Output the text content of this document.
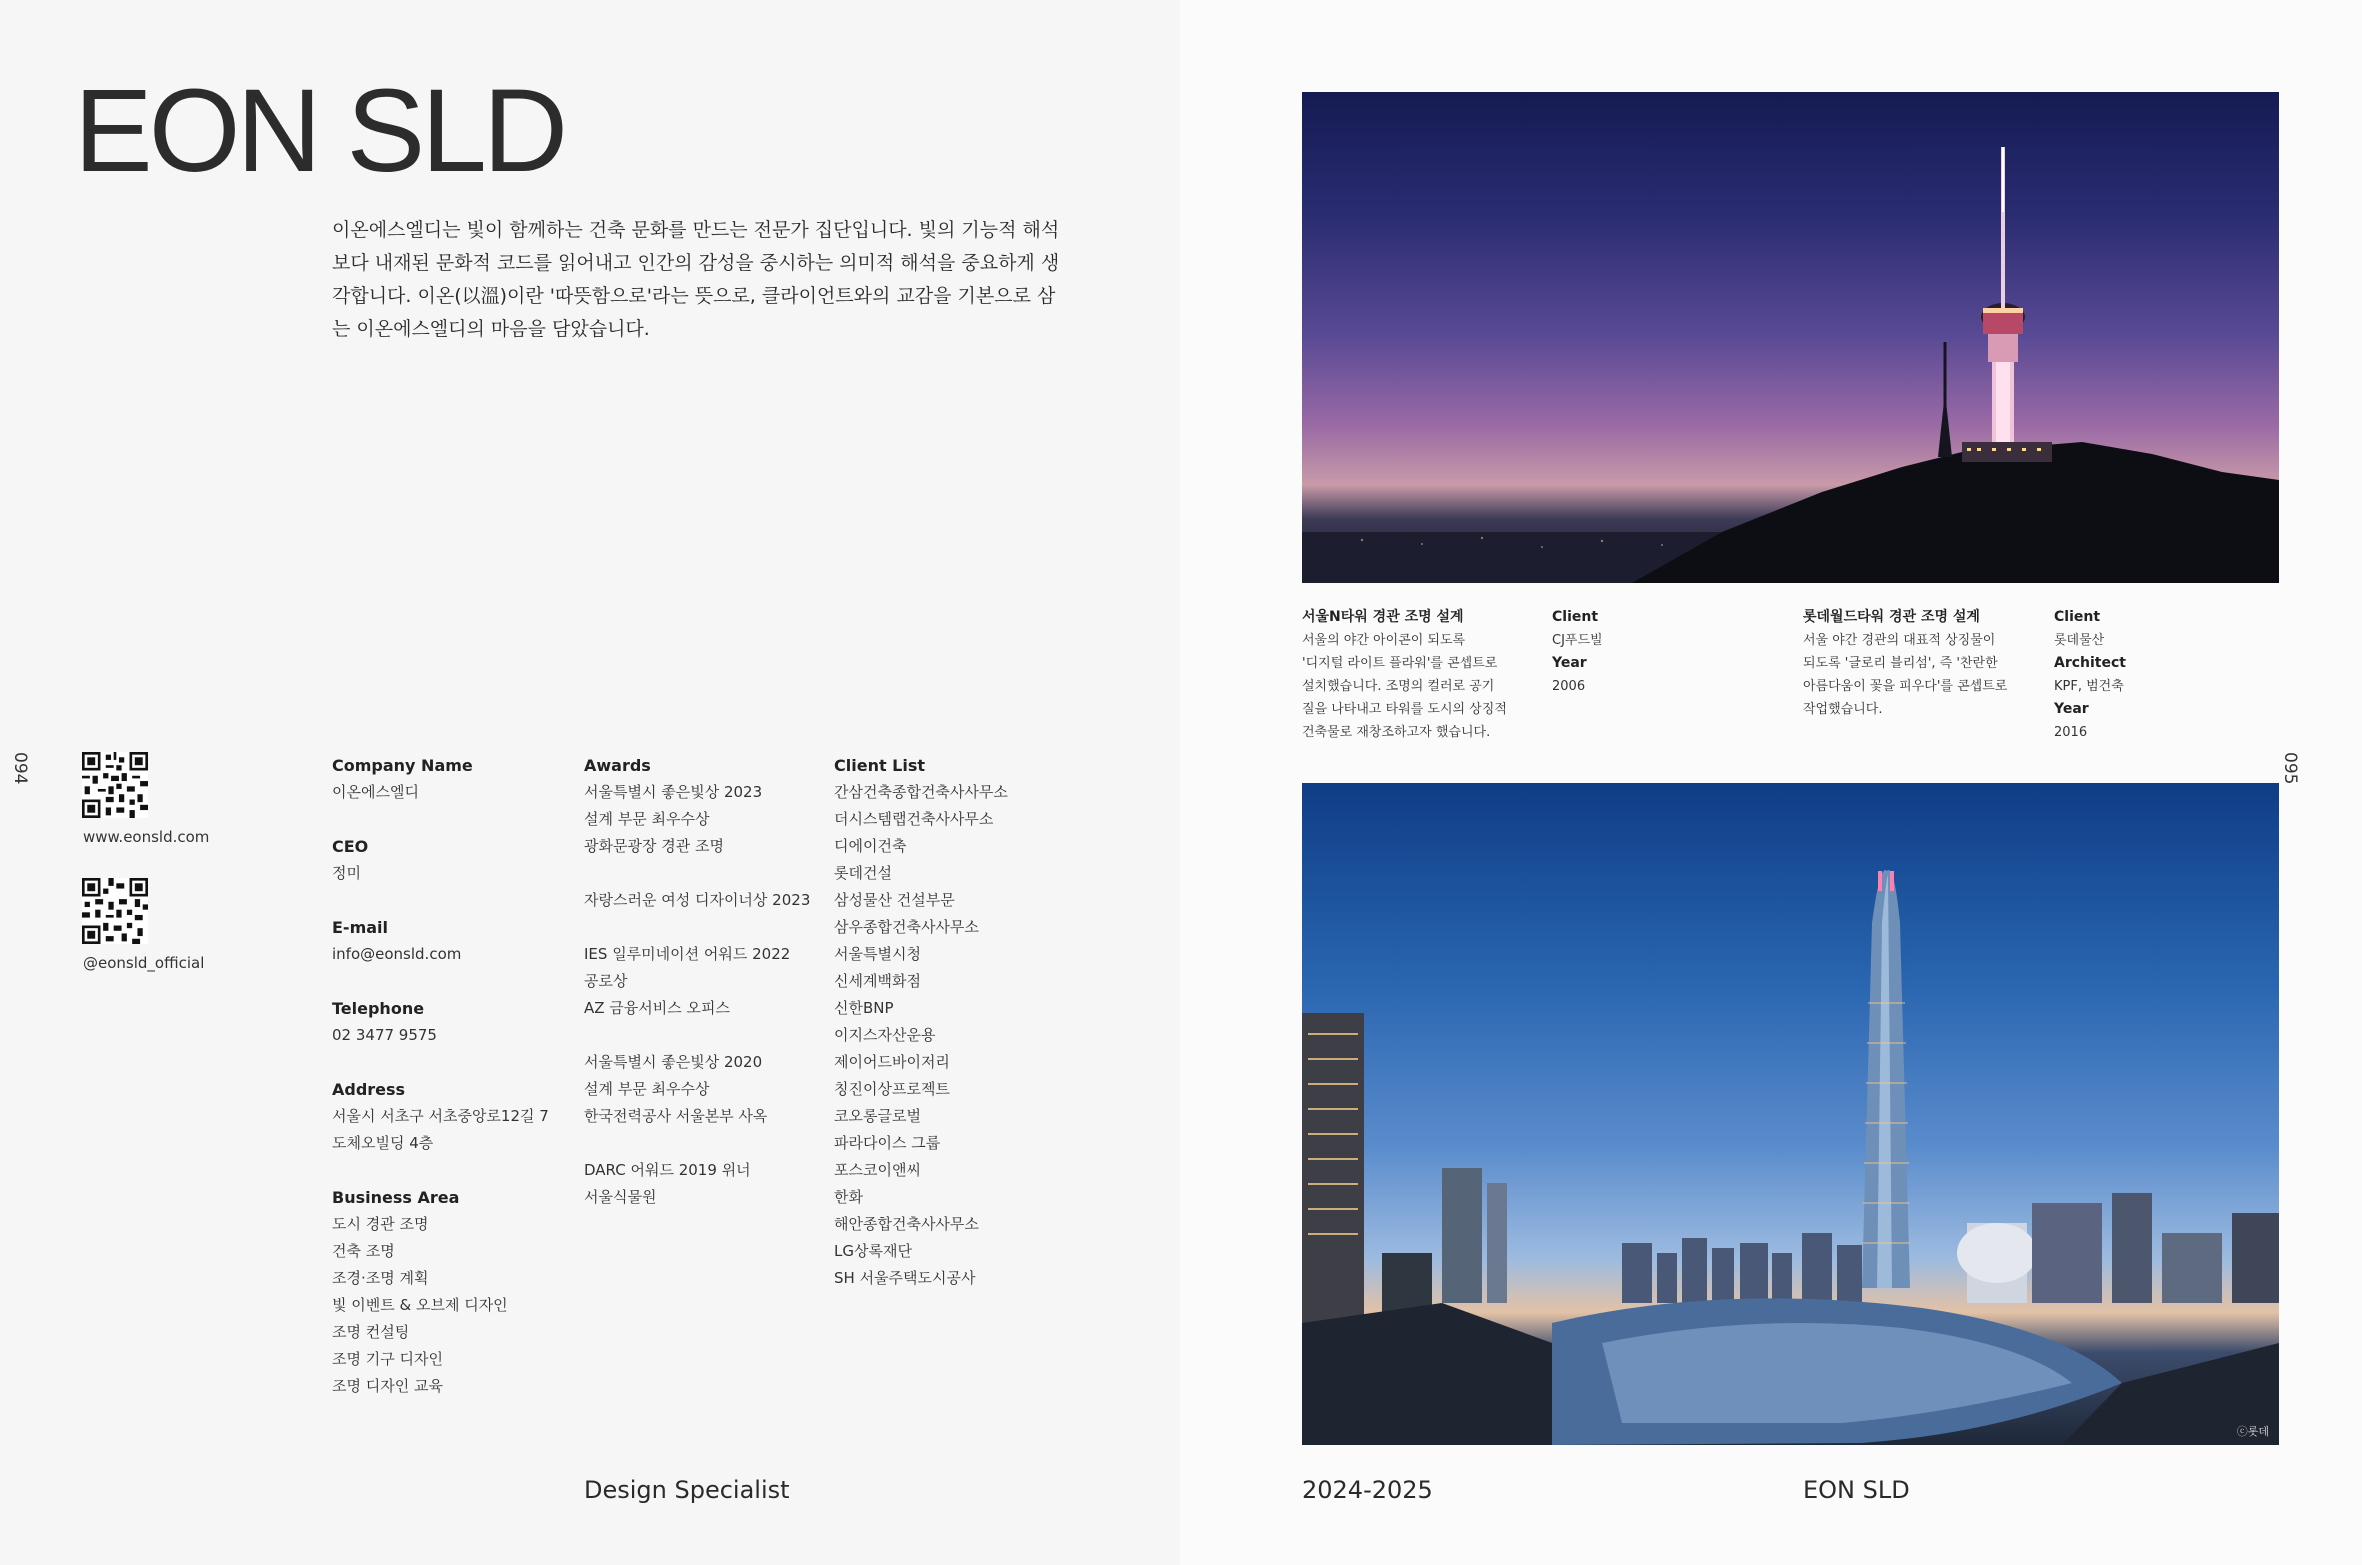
EON SLD
이온에스엘디는 빛이 함께하는 건축 문화를 만드는 전문가 집단입니다. 빛의 기능적 해석보다 내재된 문화적 코드를 읽어내고 인간의 감성을 중시하는 의미적 해석을 중요하게 생각합니다. 이온(以溫)이란 '따뜻함으로'라는 뜻으로, 클라이언트와의 교감을 기본으로 삼는 이온에스엘디의 마음을 담았습니다.
094
www.eonsld.com
@eonsld_official
Company Name
이온에스엘디
CEO
정미
E-mail
info@eonsld.com
Telephone
02 3477 9575
Address
서울시 서초구 서초중앙로12길 7
도체오빌딩 4층
Business Area
도시 경관 조명
건축 조명
조경·조명 계획
빛 이벤트 & 오브제 디자인
조명 컨설팅
조명 기구 디자인
조명 디자인 교육
Awards
서울특별시 좋은빛상 2023
설계 부문 최우수상
광화문광장 경관 조명
자랑스러운 여성 디자이너상 2023
IES 일루미네이션 어워드 2022
공로상
AZ 금융서비스 오피스
서울특별시 좋은빛상 2020
설계 부문 최우수상
한국전력공사 서울본부 사옥
DARC 어워드 2019 위너
서울식물원
Client List
간삼건축종합건축사사무소
더시스템랩건축사사무소
디에이건축
롯데건설
삼성물산 건설부문
삼우종합건축사사무소
서울특별시청
신세계백화점
신한BNP
이지스자산운용
제이어드바이저리
칭진이상프로젝트
코오롱글로벌
파라다이스 그룹
포스코이앤씨
한화
해안종합건축사사무소
LG상록재단
SH 서울주택도시공사
Design Specialist
서울N타워 경관 조명 설계
서울의 야간 아이콘이 되도록
'디지털 라이트 플라워'를 콘셉트로
설치했습니다. 조명의 컬러로 공기
질을 나타내고 타워를 도시의 상징적
건축물로 재창조하고자 했습니다.
Client
CJ푸드빌
Year
2006
롯데월드타워 경관 조명 설계
서울 야간 경관의 대표적 상징물이
되도록 '글로리 블리섬', 즉 '찬란한
아름다움이 꽃을 피우다'를 콘셉트로
작업했습니다.
Client
롯데물산
Architect
KPF, 범건축
Year
2016
ⓒ롯데
095
2024-2025	EON SLD
